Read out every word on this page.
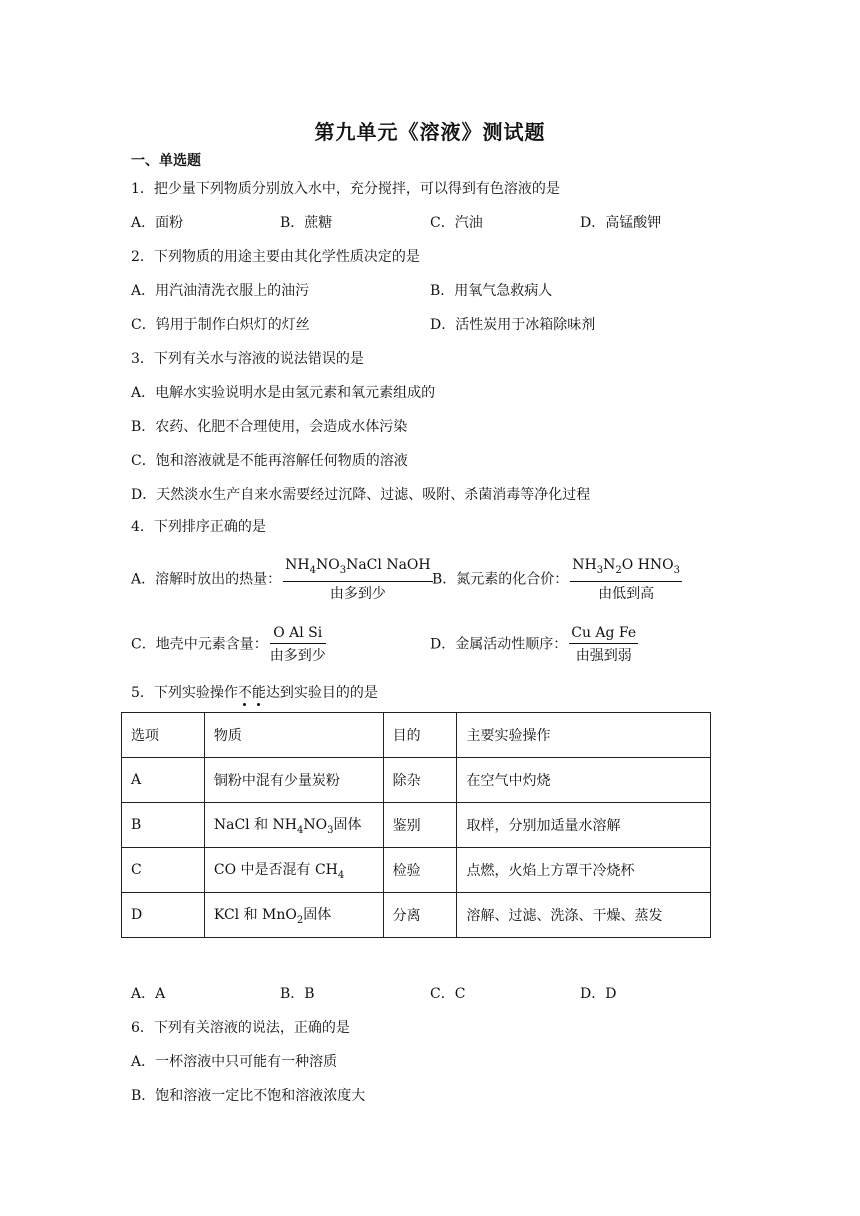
第九单元《溶液》测试题
一、单选题
1．把少量下列物质分别放入水中，充分搅拌，可以得到有色溶液的是
A．面粉	B．蔗糖	C．汽油	D．高锰酸钾
2．下列物质的用途主要由其化学性质决定的是
A．用汽油清洗衣服上的油污	B．用氧气急救病人
C．钨用于制作白炽灯的灯丝	D．活性炭用于冰箱除味剂
3．下列有关水与溶液的说法错误的是
A．电解水实验说明水是由氢元素和氧元素组成的
B．农药、化肥不合理使用，会造成水体污染
C．饱和溶液就是不能再溶解任何物质的溶液
D．天然淡水生产自来水需要经过沉降、过滤、吸附、杀菌消毒等净化过程
4．下列排序正确的是
A．溶解时放出的热量： $\frac{NH_4NO_3NaCl NaOH}{\text{由多到少}}$ B．氮元素的化合价： $\frac{NH_3N_2O HNO_3}{\text{由低到高}}$
C．地壳中元素含量： $\frac{\text{O Al Si}}{\text{由多到少}}$	D．金属活动性顺序： $\frac{\text{Cu Ag Fe}}{\text{由强到弱}}$
5．下列实验操作不能达到实验目的的是
选项	物质	目的	主要实验操作
A	铜粉中混有少量炭粉	除杂	在空气中灼烧
B	NaCl 和 $NH_4NO_3$固体	鉴别	取样，分别加适量水溶解
C	CO 中是否混有 $CH_4$	检验	点燃，火焰上方罩干冷烧杯
D	KCl 和 MnO$_2$固体	分离	溶解、过滤、洗涤、干燥、蒸发
A．A	B．B	C．C	D．D
6．下列有关溶液的说法，正确的是
A．一杯溶液中只可能有一种溶质
B．饱和溶液一定比不饱和溶液浓度大
